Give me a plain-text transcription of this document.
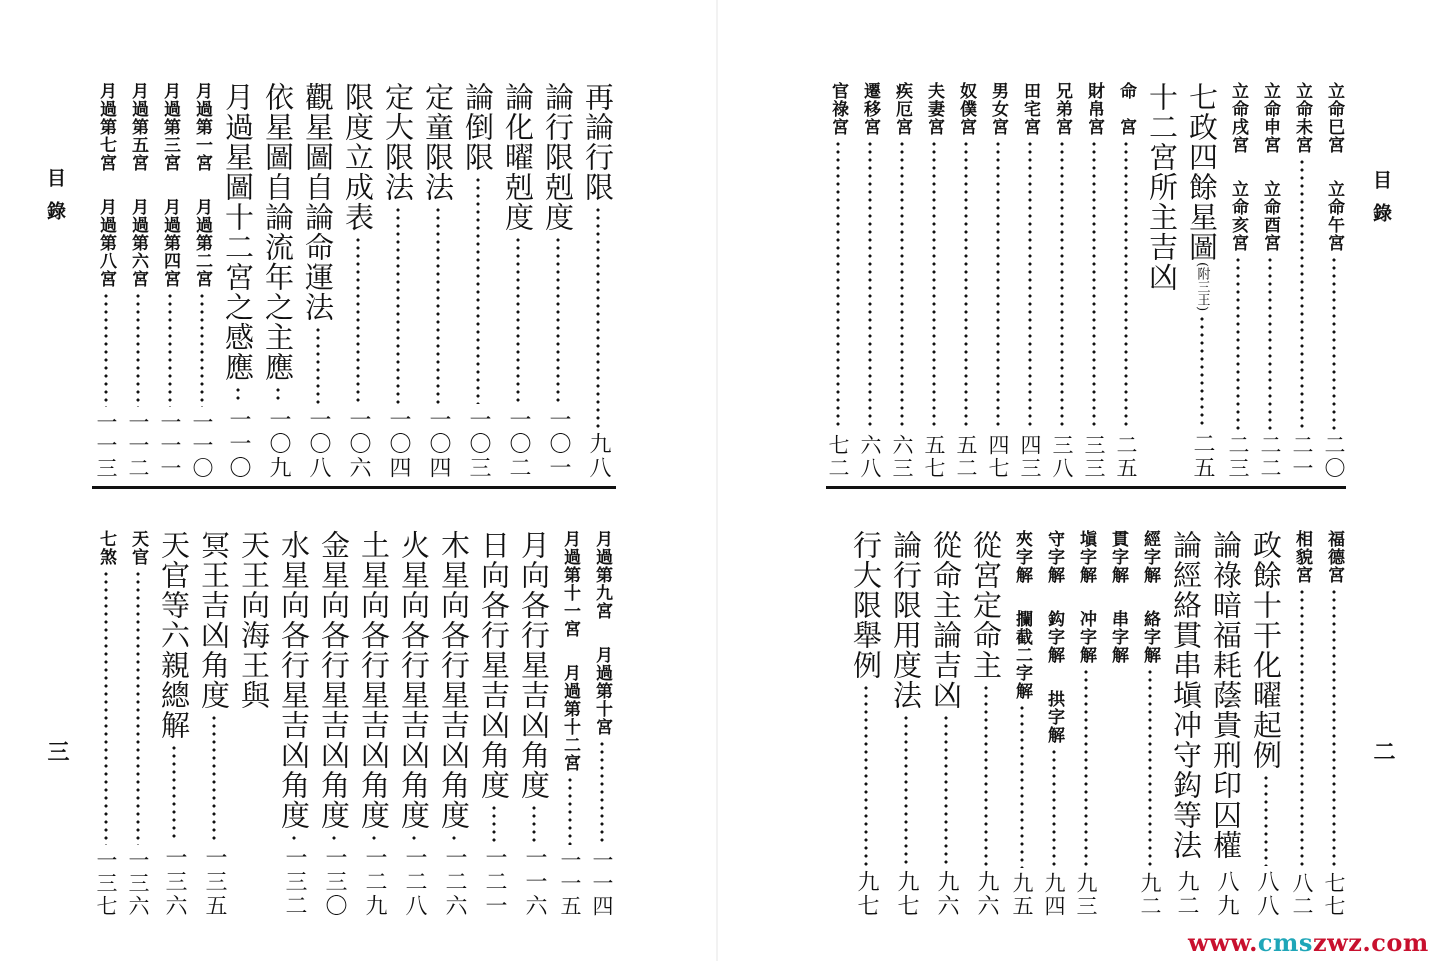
目錄
三
再論行限
九八
論行限剋度
一〇一
論化曜剋度
一〇二
論倒限
一〇三
定童限法
一〇四
定大限法
一〇四
限度立成表
一〇六
觀星圖自論命運法
一〇八
依星圖自論流年之主應
一〇九
月過星圖十二宮之感應
一一〇
月過第一宮
月過第二宮
一一〇
月過第三宮
月過第四宮
一一一
月過第五宮
月過第六宮
一一二
月過第七宮
月過第八宮
一一三
月過第九宮
月過第十宮
一一四
月過第十一宮
月過第十二宮
一一五
月向各行星吉凶角度
一一六
日向各行星吉凶角度
一二一
木星向各行星吉凶角度
一二六
火星向各行星吉凶角度
一二八
土星向各行星吉凶角度
一二九
金星向各行星吉凶角度
一三〇
水星向各行星吉凶角度
一三二
天王向海王與
冥王吉凶角度
一三五
天官等六親總解
一三六
天官
一三六
七煞
一三七
目錄
二
立命巳宮
立命午宮
二〇
立命未宮
二一
立命申宮
立命酉宮
二二
立命戌宮
立命亥宮
二三
七政四餘星圖
(附三王)
二五
十二宮所主吉凶
命　宮
二五
財帛宮
三三
兄弟宮
三八
田宅宮
四三
男女宮
四七
奴僕宮
五二
夫妻宮
五七
疾厄宮
六三
遷移宮
六八
官祿宮
七二
福德宮
七七
相貌宮
八二
政餘十干化曜起例
八八
論祿暗福耗蔭貴刑印囚權
八九
論經絡貫串塡冲守鈎等法
九二
經字解
絡字解
九二
貫字解
串字解
塡字解
冲字解
九三
守字解
鈎字解
拱字解
九四
夾字解
攔截二字解
九五
從宮定命主
九六
從命主論吉凶
九六
論行限用度法
九七
行大限舉例
九七
www.cmszwz.com
